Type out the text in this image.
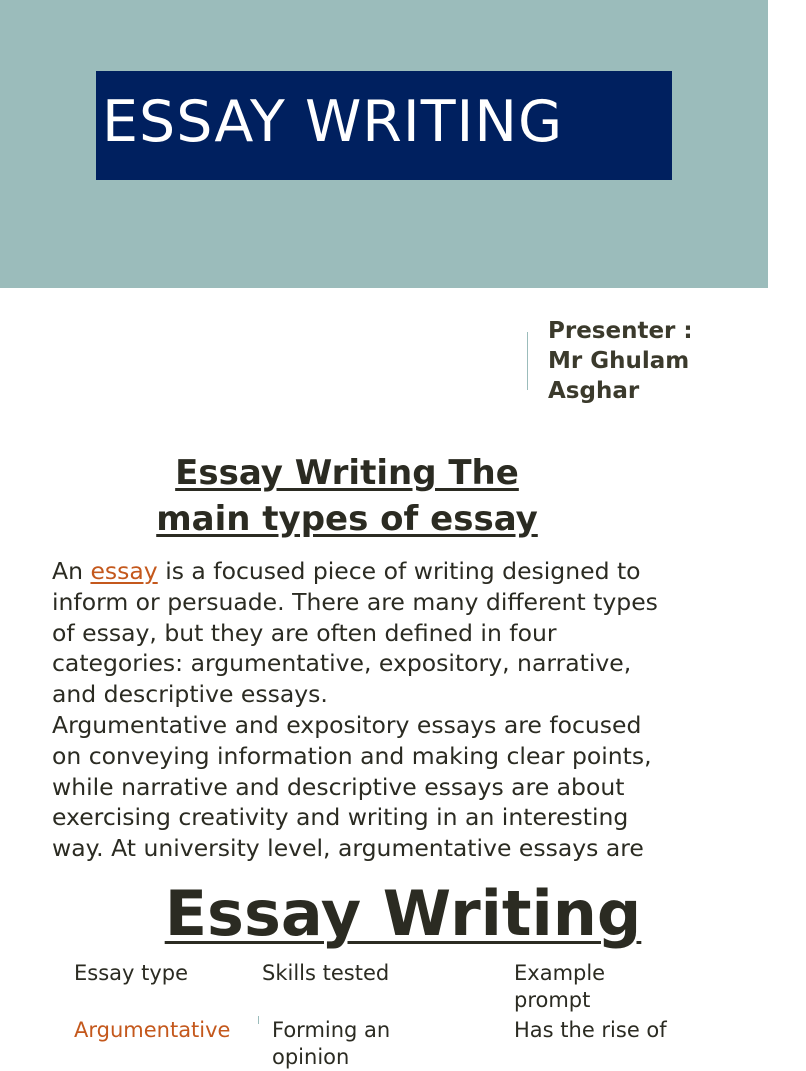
ESSAY WRITING
Presenter :
Mr Ghulam
Asghar
Essay Writing The
main types of essay
An essay is a focused piece of writing designed to
inform or persuade. There are many different types
of essay, but they are often defined in four
categories: argumentative, expository, narrative,
and descriptive essays.
Argumentative and expository essays are focused
on conveying information and making clear points,
while narrative and descriptive essays are about
exercising creativity and writing in an interesting
way. At university level, argumentative essays are
Essay Writing
Essay type	Skills tested	Example prompt
Argumentative Forming an opinion
Has the rise of
